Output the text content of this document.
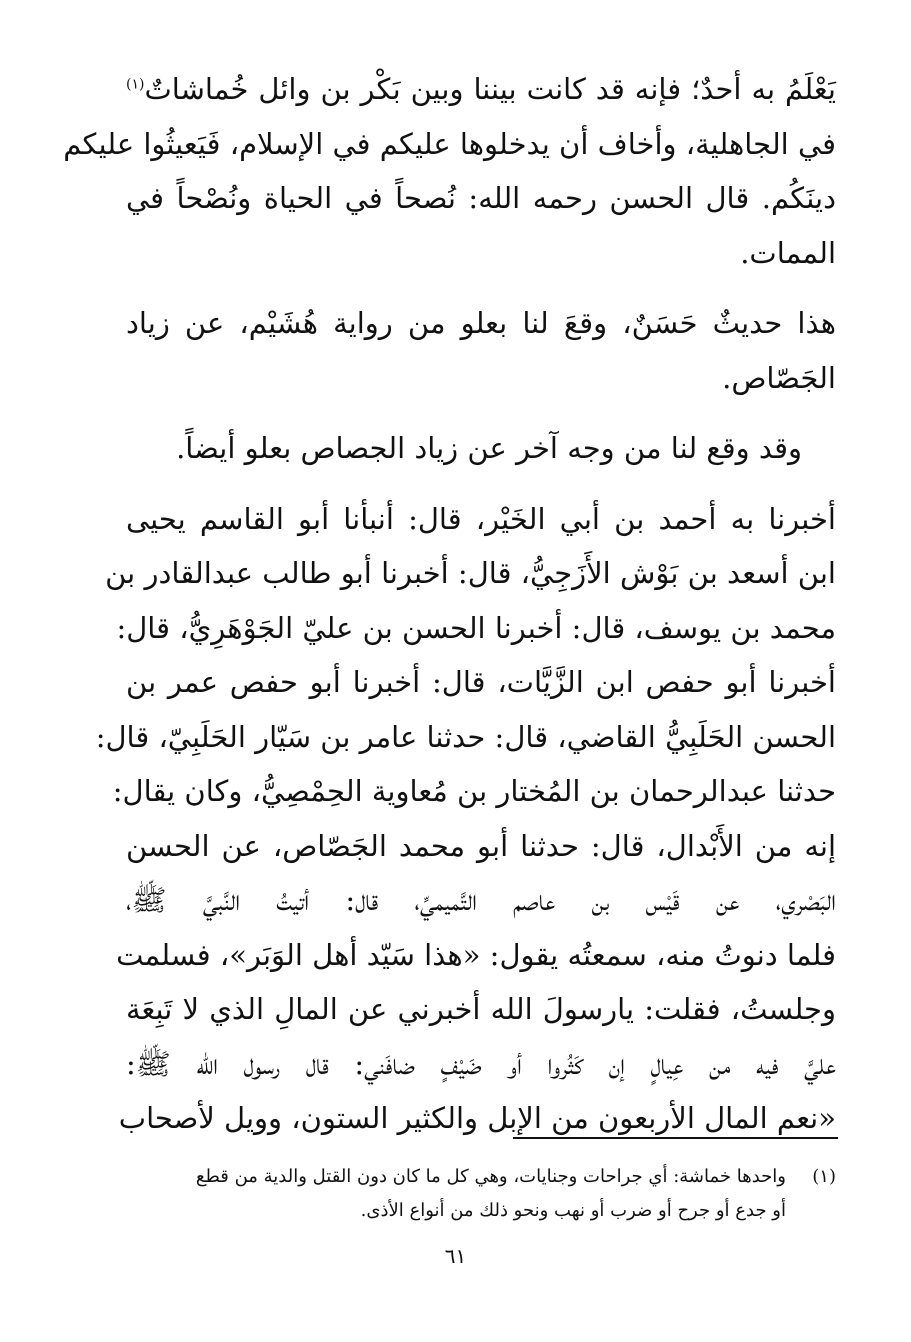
يَعْلَمُ به أحدٌ؛ فإنه قد كانت بيننا وبين بَكْر بن وائل خُماشاتٌ$^{(١)}$
في الجاهلية، وأخاف أن يدخلوها عليكم في الإسلام، فَيَعيثُوا عليكم
دينَكُم. قال الحسن رحمه الله: نُصحاً في الحياة ونُصْحاً في
الممات.

هذا حديثٌ حَسَنٌ، وقعَ لنا بعلو من رواية هُشَيْم، عن زياد
الجَصّاص.

وقد وقع لنا من وجه آخر عن زياد الجصاص بعلو أيضاً.

أخبرنا به أحمد بن أبي الخَيْر، قال: أنبأنا أبو القاسم يحيى
ابن أسعد بن بَوْش الأَزَجِيُّ، قال: أخبرنا أبو طالب عبدالقادر بن
محمد بن يوسف، قال: أخبرنا الحسن بن عليّ الجَوْهَرِيُّ، قال:
أخبرنا أبو حفص ابن الزَّيَّات، قال: أخبرنا أبو حفص عمر بن
الحسن الحَلَبِيُّ القاضي، قال: حدثنا عامر بن سَيّار الحَلَبِيّ، قال:
حدثنا عبدالرحمان بن المُختار بن مُعاوية الحِمْصِيُّ، وكان يقال:
إنه من الأَبْدال، قال: حدثنا أبو محمد الجَصّاص، عن الحسن
البَصْري، عن قَيْس بن عاصم التَّميميِّ، قال: أتيتُ النَّبيَّ ﷺ،
فلما دنوتُ منه، سمعتُه يقول: «هذا سَيّد أهل الوَبَر»، فسلمت
وجلستُ، فقلت: يارسولَ الله أخبرني عن المالِ الذي لا تَبِعَة
عليَّ فيه من عِيالٍ إن كَثُروا أو ضَيْفٍ ضافَني: قال رسول الله ﷺ:
«نعم المال الأربعون من الإبل والكثير الستون، وويل لأصحاب

(١)واحدها خماشة: أي جراحات وجنايات، وهي كل ما كان دون القتل والدية من قطع
أو جدع أو جرح أو ضرب أو نهب ونحو ذلك من أنواع الأذى.
٦١
